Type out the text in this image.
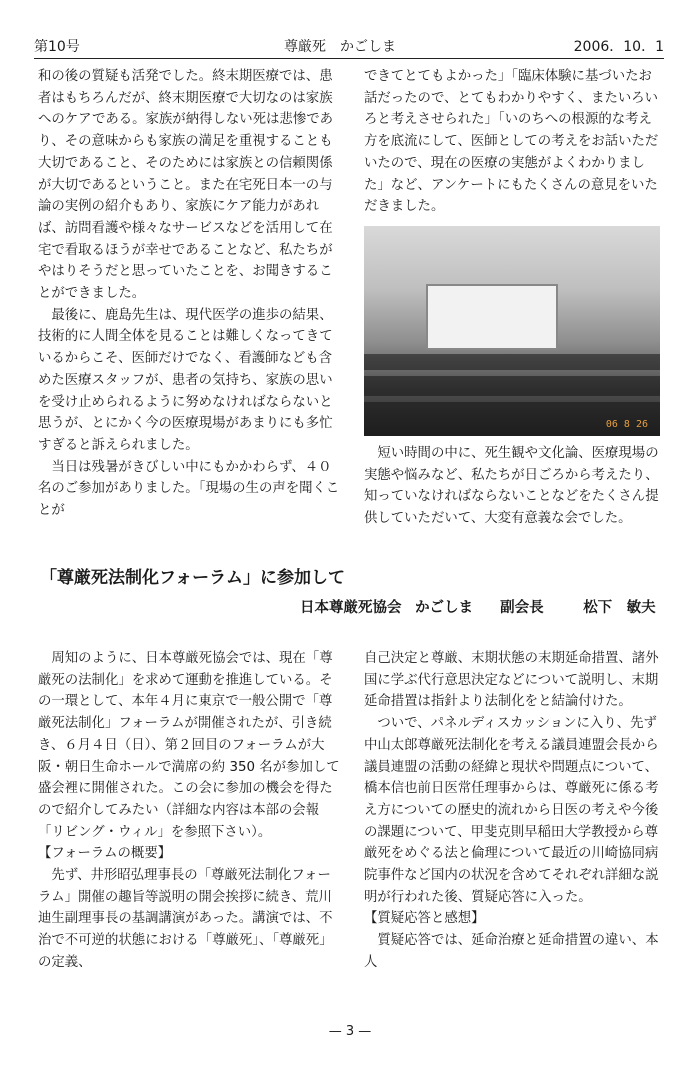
第10号	尊厳死　かごしま	2006．10．1

和の後の質疑も活発でした。終末期医療では、患者はもちろんだが、終末期医療で大切なのは家族へのケアである。家族が納得しない死は悲惨であり、その意味からも家族の満足を重視することも大切であること、そのためには家族との信頼関係が大切であるということ。また在宅死日本一の与論の実例の紹介もあり、家族にケア能力があれば、訪問看護や様々なサービスなどを活用して在宅で看取るほうが幸せであることなど、私たちがやはりそうだと思っていたことを、お聞きすることができました。

最後に、鹿島先生は、現代医学の進歩の結果、技術的に人間全体を見ることは難しくなってきているからこそ、医師だけでなく、看護師なども含めた医療スタッフが、患者の気持ち、家族の思いを受け止められるように努めなければならないと思うが、とにかく今の医療現場があまりにも多忙すぎると訴えられました。

当日は残暑がきびしい中にもかかわらず、４０名のご参加がありました。「現場の生の声を聞くことが

できてとてもよかった」「臨床体験に基づいたお話だったので、とてもわかりやすく、またいろいろと考えさせられた」「いのちへの根源的な考え方を底流にして、医師としての考えをお話いただいたので、現在の医療の実態がよくわかりました」など、アンケートにもたくさんの意見をいただきました。

06 8 26
短い時間の中に、死生観や文化論、医療現場の実態や悩みなど、私たちが日ごろから考えたり、知っていなければならないことなどをたくさん提供していただいて、大変有意義な会でした。
「尊厳死法制化フォーラム」に参加して
日本尊厳死協会 かごしま 副会長	松下　敏夫

周知のように、日本尊厳死協会では、現在「尊厳死の法制化」を求めて運動を推進している。その一環として、本年４月に東京で一般公開で「尊厳死法制化」フォーラムが開催されたが、引き続き、６月４日（日）、第２回目のフォーラムが大阪・朝日生命ホールで満席の約 350 名が参加して盛会裡に開催された。この会に参加の機会を得たので紹介してみたい（詳細な内容は本部の会報「リビング・ウィル」を参照下さい）。

【フォーラムの概要】

先ず、井形昭弘理事長の「尊厳死法制化フォーラム」開催の趣旨等説明の開会挨拶に続き、荒川迪生副理事長の基調講演があった。講演では、不治で不可逆的状態における「尊厳死」、「尊厳死」の定義、

自己決定と尊厳、末期状態の末期延命措置、諸外国に学ぶ代行意思決定などについて説明し、末期延命措置は指針より法制化をと結論付けた。

ついで、パネルディスカッションに入り、先ず中山太郎尊厳死法制化を考える議員連盟会長から議員連盟の活動の経緯と現状や問題点について、橋本信也前日医常任理事からは、尊厳死に係る考え方についての歴史的流れから日医の考えや今後の課題について、甲斐克則早稲田大学教授から尊厳死をめぐる法と倫理について最近の川崎協同病院事件など国内の状況を含めてそれぞれ詳細な説明が行われた後、質疑応答に入った。

【質疑応答と感想】

質疑応答では、延命治療と延命措置の違い、本人

— 3 —
